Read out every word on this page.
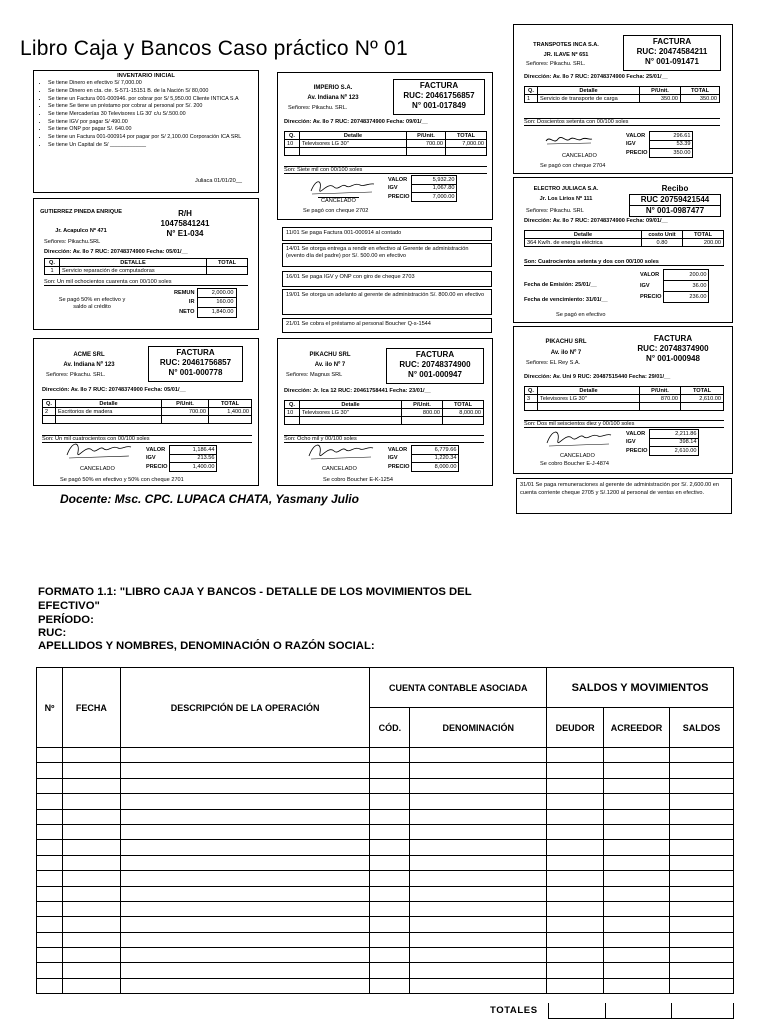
Libro Caja y Bancos Caso práctico Nº 01
INVENTARIO INICIAL
• Se tiene Dinero en efectivo S/ 7,000.00
• Se tiene Dinero en cta. cte. S-571-15151 B. de la Nación S/ 80,000
• Se tiene un Factura 001-000946. por cobrar por S/ 5,950.00 Cliente INTICA S.A
• Se tiene Se tiene un préstamo por cobrar al personal por S/. 200
• Se tiene Mercaderías 30 Televisores LG 30' c/u S/.500.00
• Se tiene IGV por pagar S/ 490.00
• Se tiene ONP por pagar S/. 640.00
• Se tiene un Factura 001-000914 por pagar por S/ 2,100.00 Corporación ICA SRL
• Se tiene Un Capital de S/ ____________
Juliaca 01/01/20__
IMPERIO S.A.
Av. Indiana Nº 123
Señores: Pikachu. SRL.
FACTURA
RUC: 20461756857
N° 001-017849
Dirección: Av. Ilo 7 RUC: 20748374900 Fecha: 09/01/__
Q.	Detalle	P/Unit.	TOTAL
10	Televisores LG 30"	700.00	7,000.00

Son: Siete mil con 00/100 soles
CANCELADO
VALOR	5,932.20
IGV	1,067.80
PRECIO	7,000.00
Se pagó con cheque 2702
TRANSPOTES INCA S.A.
JR. ILAVE Nº 651
Señores: Pikachu. SRL.
FACTURA
RUC: 20474584211
N° 001-091471
Dirección: Av. Ilo 7 RUC: 20748374900 Fecha: 25/01/__
Q.	Detalle	P/Unit.	TOTAL
1	Servicio de transporte de carga	350.00	350.00
Son: Doscientos setenta con 00/100 soles
CANCELADO
VALOR	296.61
IGV	53.39
PRECIO	350.00
Se pagó con cheque 2704
GUTIERREZ PINEDA ENRIQUE
Jr. Acapulco Nº 471
Señores: Pikachu.SRL
R/H
10475841241
N° E1-034
Dirección: Av. Ilo 7 RUC: 20748374900 Fecha: 05/01/__
Q.	DETALLE	TOTAL
1	Servicio reparación de computadoras	
Son: Un mil ochocientos cuarenta con 00/100 soles
Se pagó 50% en efectivo y saldo al crédito
REMUN	2,000.00
IR	160.00
NETO	1,840.00
11/01 Se paga Factura 001-000914 al contado
14/01 Se otorga entrega a rendir en efectivo al Gerente de administración (evento día del padre) por S/. 500.00 en efectivo
16/01 Se paga IGV y ONP con giro de cheque 2703
19/01 Se otorga un adelanto al gerente de administración S/. 800.00 en efectivo
21/01 Se cobra el préstamo al personal Boucher Q-s-1544
ELECTRO JULIACA S.A.
Jr. Los Lirios Nº 111
Señores: Pikachu. SRL
Recibo
RUC 20759421544
N° 001-0987477
Dirección: Av. Ilo 7 RUC: 20748374900 Fecha: 09/01/__
Detalle	costo Unit	TOTAL
364 Kw/h. de energía eléctrica	0.80	200.00
Son: Cuatrocientos setenta y dos con 00/100 soles
Fecha de Emisión: 25/01/__
Fecha de vencimiento: 31/01/__
VALOR	200.00
IGV	36.00
PRECIO	236.00
Se pagó en efectivo
ACME SRL
Av. Indiana Nº 123
Señores: Pikachu. SRL.
FACTURA
RUC: 20461756857
N° 001-000778
Dirección: Av. Ilo 7 RUC: 20748374900 Fecha: 05/01/__
Q.	Detalle	P/Unit.	TOTAL
2	Escritorios de madera	700.00	1,400.00

Son: Un mil cuatrocientos con 00/100 soles
CANCELADO
VALOR	1,186.44
IGV	213.56
PRECIO	1,400.00
Se pagó 50% en efectivo y 50% con cheque 2701
PIKACHU SRL
Av. ilo Nº 7
Señores: Magnus SRL
FACTURA
RUC: 20748374900
N° 001-000947
Dirección: Jr. Ica 12 RUC: 20461758441 Fecha: 23/01/__
Q.	Detalle	P/Unit.	TOTAL
10	Televisores LG 30"	800.00	8,000.00

Son: Ocho mil y 00/100 soles
CANCELADO
VALOR	6,779.66
IGV	1,220.34
PRECIO	8,000.00
Se cobro Boucher E-K-1254
PIKACHU SRL
Av. ilo Nº 7
Señores: EL Rey S.A.
FACTURA
RUC: 20748374900
N° 001-000948
Dirección: Av. Uni 9 RUC: 20487515440 Fecha: 29/01/__
Q.	Detalle	P/Unit.	TOTAL
3	Televisores LG 30"	870.00	2,610.00

Son: Dos mil seiscientos diez y 00/100 soles
CANCELADO
VALOR	2,211.86
IGV	398.14
PRECIO	2,610.00
Se cobro Boucher E-J-4874
31/01 Se paga remuneraciones al gerente de administración por S/. 2,600.00 en cuenta corriente cheque 2705 y S/.1200 al personal de ventas en efectivo.
Docente: Msc. CPC. LUPACA CHATA, Yasmany Julio
FORMATO 1.1: "LIBRO CAJA Y BANCOS - DETALLE DE LOS MOVIMIENTOS DEL
EFECTIVO"
PERÍODO:
RUC:
APELLIDOS Y NOMBRES, DENOMINACIÓN O RAZÓN SOCIAL:
Nº	FECHA	DESCRIPCIÓN DE LA OPERACIÓN	CUENTA CONTABLE ASOCIADA		SALDOS Y MOVIMIENTOS		
			CÓD.	DENOMINACIÓN	DEUDOR	ACREEDOR	SALDOS

TOTALES
